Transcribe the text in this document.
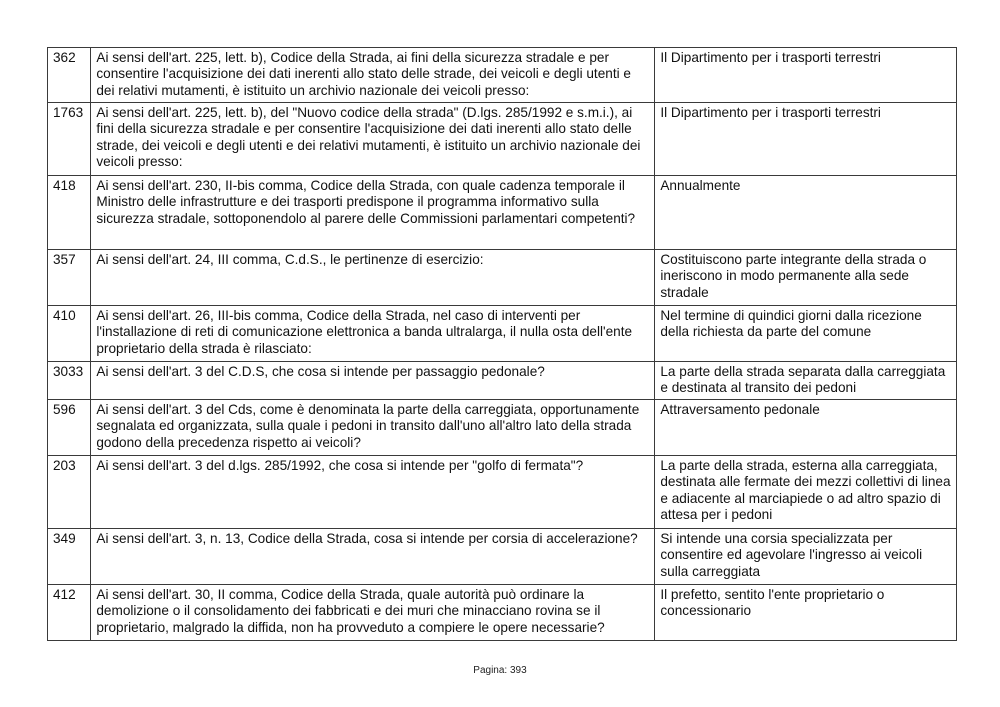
362	Ai sensi dell'art. 225, lett. b), Codice della Strada, ai fini della sicurezza stradale e per consentire l'acquisizione dei dati inerenti allo stato delle strade, dei veicoli e degli utenti e dei relativi mutamenti, è istituito un archivio nazionale dei veicoli presso:	Il Dipartimento per i trasporti terrestri
1763	Ai sensi dell'art. 225, lett. b), del "Nuovo codice della strada" (D.lgs. 285/1992 e s.m.i.), ai fini della sicurezza stradale e per consentire l'acquisizione dei dati inerenti allo stato delle strade, dei veicoli e degli utenti e dei relativi mutamenti, è istituito un archivio nazionale dei veicoli presso:	Il Dipartimento per i trasporti terrestri
418	Ai sensi dell'art. 230, II-bis comma, Codice della Strada, con quale cadenza temporale il Ministro delle infrastrutture e dei trasporti predispone il programma informativo sulla sicurezza stradale, sottoponendolo al parere delle Commissioni parlamentari competenti?	Annualmente
357	Ai sensi dell'art. 24, III comma, C.d.S., le pertinenze di esercizio:	Costituiscono parte integrante della strada o ineriscono in modo permanente alla sede stradale
410	Ai sensi dell'art. 26, III-bis comma, Codice della Strada, nel caso di interventi per l'installazione di reti di comunicazione elettronica a banda ultralarga, il nulla osta dell'ente proprietario della strada è rilasciato:	Nel termine di quindici giorni dalla ricezione della richiesta da parte del comune
3033	Ai sensi dell'art. 3 del C.D.S, che cosa si intende per passaggio pedonale?	La parte della strada separata dalla carreggiata e destinata al transito dei pedoni
596	Ai sensi dell'art. 3 del Cds, come è denominata la parte della carreggiata, opportunamente segnalata ed organizzata, sulla quale i pedoni in transito dall'uno all'altro lato della strada godono della precedenza rispetto ai veicoli?	Attraversamento pedonale
203	Ai sensi dell'art. 3 del d.lgs. 285/1992, che cosa si intende per "golfo di fermata"?	La parte della strada, esterna alla carreggiata, destinata alle fermate dei mezzi collettivi di linea e adiacente al marciapiede o ad altro spazio di attesa per i pedoni
349	Ai sensi dell'art. 3, n. 13, Codice della Strada, cosa si intende per corsia di accelerazione?	Si intende una corsia specializzata per consentire ed agevolare l'ingresso ai veicoli sulla carreggiata
412	Ai sensi dell'art. 30, II comma, Codice della Strada, quale autorità può ordinare la demolizione o il consolidamento dei fabbricati e dei muri che minacciano rovina se il proprietario, malgrado la diffida, non ha provveduto a compiere le opere necessarie?	Il prefetto, sentito l'ente proprietario o concessionario
Pagina: 393
